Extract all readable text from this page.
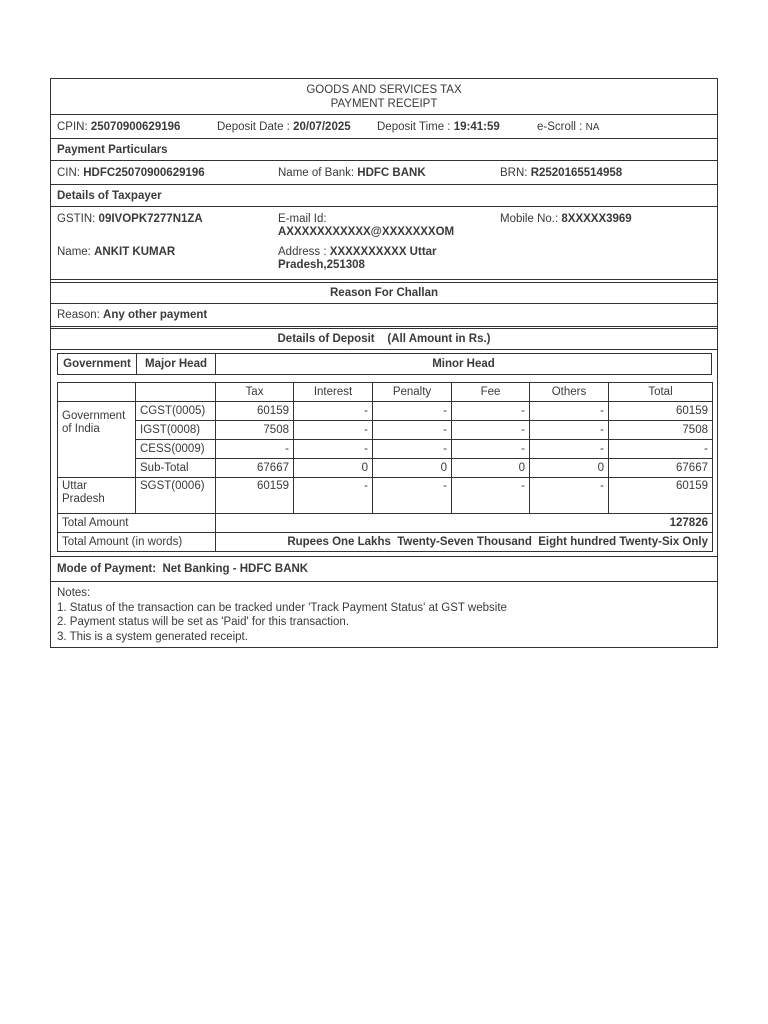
GOODS AND SERVICES TAX
PAYMENT RECEIPT
CPIN: 25070900629196	Deposit Date : 20/07/2025 Deposit Time : 19:41:59	e-Scroll : NA
Payment Particulars
CIN: HDFC25070900629196	Name of Bank: HDFC BANK	BRN: R2520165514958
Details of Taxpayer
GSTIN: 09IVOPK7277N1ZA	E-mail Id:
AXXXXXXXXXXX@XXXXXXXOM
Mobile No.: 8XXXXX3969
Name: ANKIT KUMAR	Address : XXXXXXXXXX Uttar
Pradesh,251308
Reason For Challan
Reason:
Any other payment
Details of Deposit
(All Amount in Rs.)
Government	Major Head	Minor Head
		Tax	Interest	Penalty	Fee	Others	Total
Government of India	CGST(0005)	60159	-	-	-	-	60159
	IGST(0008)	7508	-	-	-	-	7508
	CESS(0009)	-	-	-	-	-	-
	Sub-Total	67667	0	0	0	0	67667
Uttar Pradesh	SGST(0006)	60159	-	-	-	-	60159
Total Amount		127826					
Total Amount (in words)		Rupees One Lakhs  Twenty-Seven Thousand  Eight hundred Twenty-Six Only					
Mode of Payment:
Net Banking - HDFC BANK
Notes:
1. Status of the transaction can be tracked under 'Track Payment Status' at GST website
2. Payment status will be set as 'Paid' for this transaction.
3. This is a system generated receipt.
